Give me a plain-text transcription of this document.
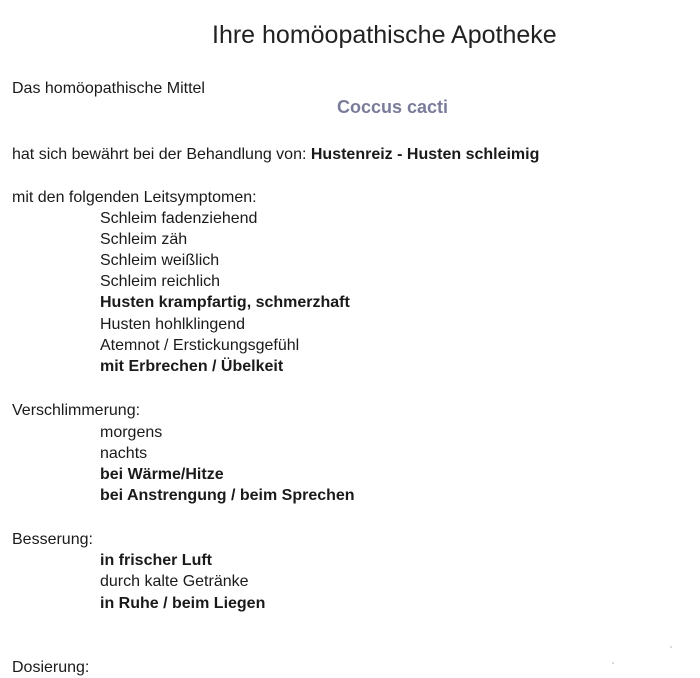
Ihre homöopathische Apotheke
Das homöopathische Mittel
Coccus cacti
hat sich bewährt bei der Behandlung von: Hustenreiz - Husten schleimig
mit den folgenden Leitsymptomen:
Schleim fadenziehend
Schleim zäh
Schleim weißlich
Schleim reichlich
Husten krampfartig, schmerzhaft
Husten hohlklingend
Atemnot / Erstickungsgefühl
mit Erbrechen / Übelkeit
Verschlimmerung:
morgens
nachts
bei Wärme/Hitze
bei Anstrengung / beim Sprechen
Besserung:
in frischer Luft
durch kalte Getränke
in Ruhe / beim Liegen
Dosierung:
